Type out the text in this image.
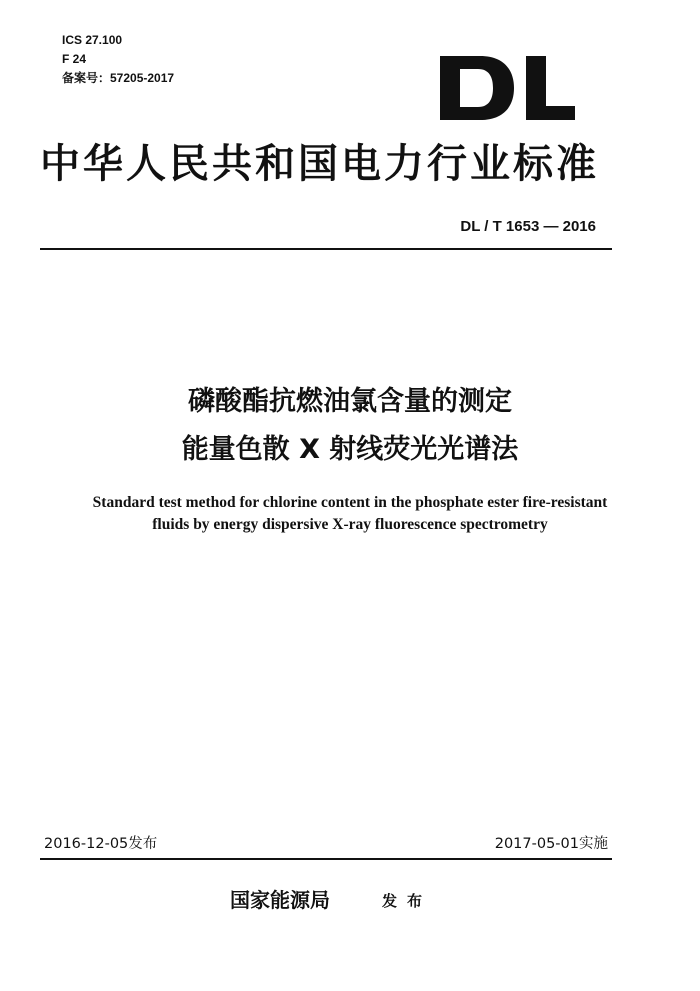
ICS 27.100
F 24
备案号：57205-2017
中华人民共和国电力行业标准
DL / T 1653 — 2016
磷酸酯抗燃油氯含量的测定
能量色散 X 射线荧光光谱法
Standard test method for chlorine content in the phosphate ester fire-resistant
fluids by energy dispersive X-ray fluorescence spectrometry
2016-12-05发布	2017-05-01实施
国家能源局	发布
